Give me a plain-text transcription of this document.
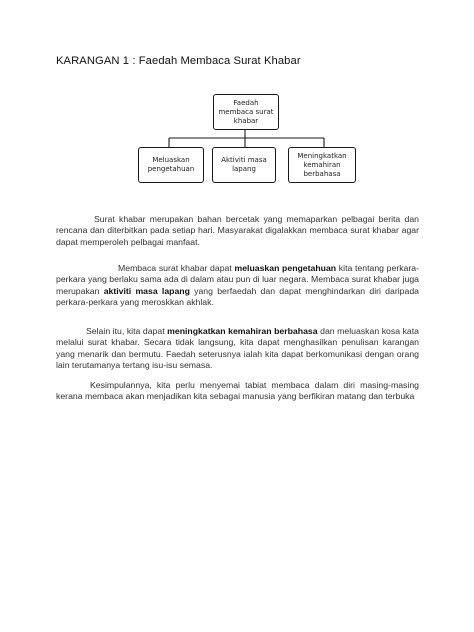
KARANGAN 1 : Faedah Membaca Surat Khabar
Faedah membaca surat khabar
Meluaskan pengetahuan
Aktiviti masa lapang
Meningkatkan kemahiran berbahasa

Surat khabar merupakan bahan bercetak yang memaparkan pelbagai berita dan rencana dan diterbitkan pada setiap hari. Masyarakat digalakkan membaca surat khabar agar dapat memperoleh pelbagai manfaat.

Membaca surat khabar dapat meluaskan pengetahuan kita tentang perkara-perkara yang berlaku sama ada di dalam atau pun di luar negara. Membaca surat khabar juga merupakan aktiviti masa lapang yang berfaedah dan dapat menghindarkan diri daripada perkara-perkara yang meroskkan akhlak.

Selain itu, kita dapat meningkatkan kemahiran berbahasa dan meluaskan kosa kata melalui surat khabar. Secara tidak langsung, kita dapat menghasilkan penulisan karangan yang menarik dan bermutu. Faedah seterusnya ialah kita dapat berkomunikasi dengan orang lain terutamanya tertang isu-isu semasa.

Kesimpulannya, kita perlu menyemai tabiat membaca dalam diri masing-masing kerana membaca akan menjadikan kita sebagai manusia yang berfikiran matang dan terbuka
